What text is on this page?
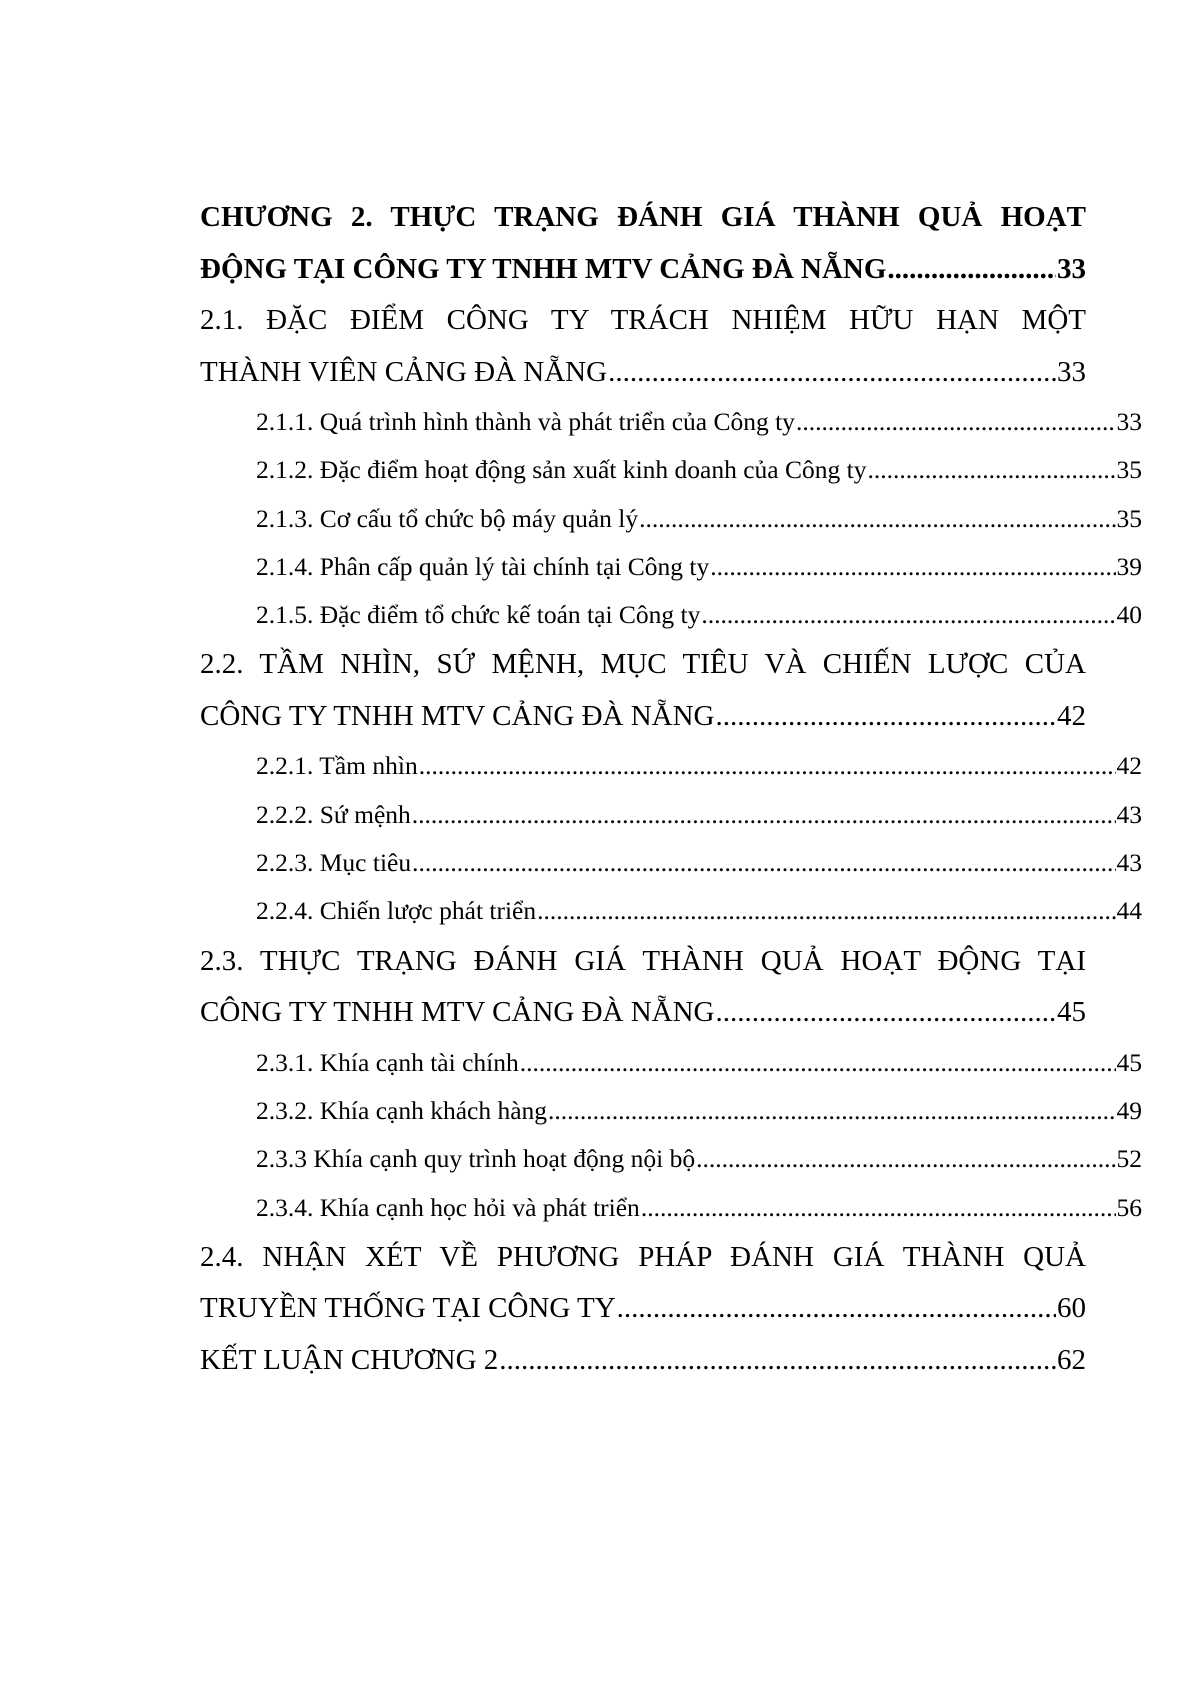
CHƯƠNG 2. THỰC TRẠNG ĐÁNH GIÁ THÀNH QUẢ HOẠT
ĐỘNG TẠI CÔNG TY TNHH MTV CẢNG ĐÀ NẴNG .....	33
2.1. ĐẶC ĐIỂM CÔNG TY TRÁCH NHIỆM HỮU HẠN MỘT
THÀNH VIÊN CẢNG ĐÀ NẴNG .....	33
2.1.1. Quá trình hình thành và phát triển của Công ty .....	33
2.1.2. Đặc điểm hoạt động sản xuất kinh doanh của Công ty .....	35
2.1.3. Cơ cấu tổ chức bộ máy quản lý .....	35
2.1.4. Phân cấp quản lý tài chính tại Công ty .....	39
2.1.5. Đặc điểm tổ chức kế toán tại Công ty .....	40
2.2. TẦM NHÌN, SỨ MỆNH, MỤC TIÊU VÀ CHIẾN LƯỢC CỦA
CÔNG TY TNHH MTV CẢNG ĐÀ NẴNG .....	42
2.2.1. Tầm nhìn .....	42
2.2.2. Sứ mệnh .....	43
2.2.3. Mục tiêu .....	43
2.2.4. Chiến lược phát triển .....	44
2.3. THỰC TRẠNG ĐÁNH GIÁ THÀNH QUẢ HOẠT ĐỘNG TẠI
CÔNG TY TNHH MTV CẢNG ĐÀ NẴNG .....	45
2.3.1. Khía cạnh tài chính .....	45
2.3.2. Khía cạnh khách hàng .....	49
2.3.3 Khía cạnh quy trình hoạt động nội bộ .....	52
2.3.4. Khía cạnh học hỏi và phát triển .....	56
2.4. NHẬN XÉT VỀ PHƯƠNG PHÁP ĐÁNH GIÁ THÀNH QUẢ
TRUYỀN THỐNG TẠI CÔNG TY .....	60
KẾT LUẬN CHƯƠNG 2 .....	62
